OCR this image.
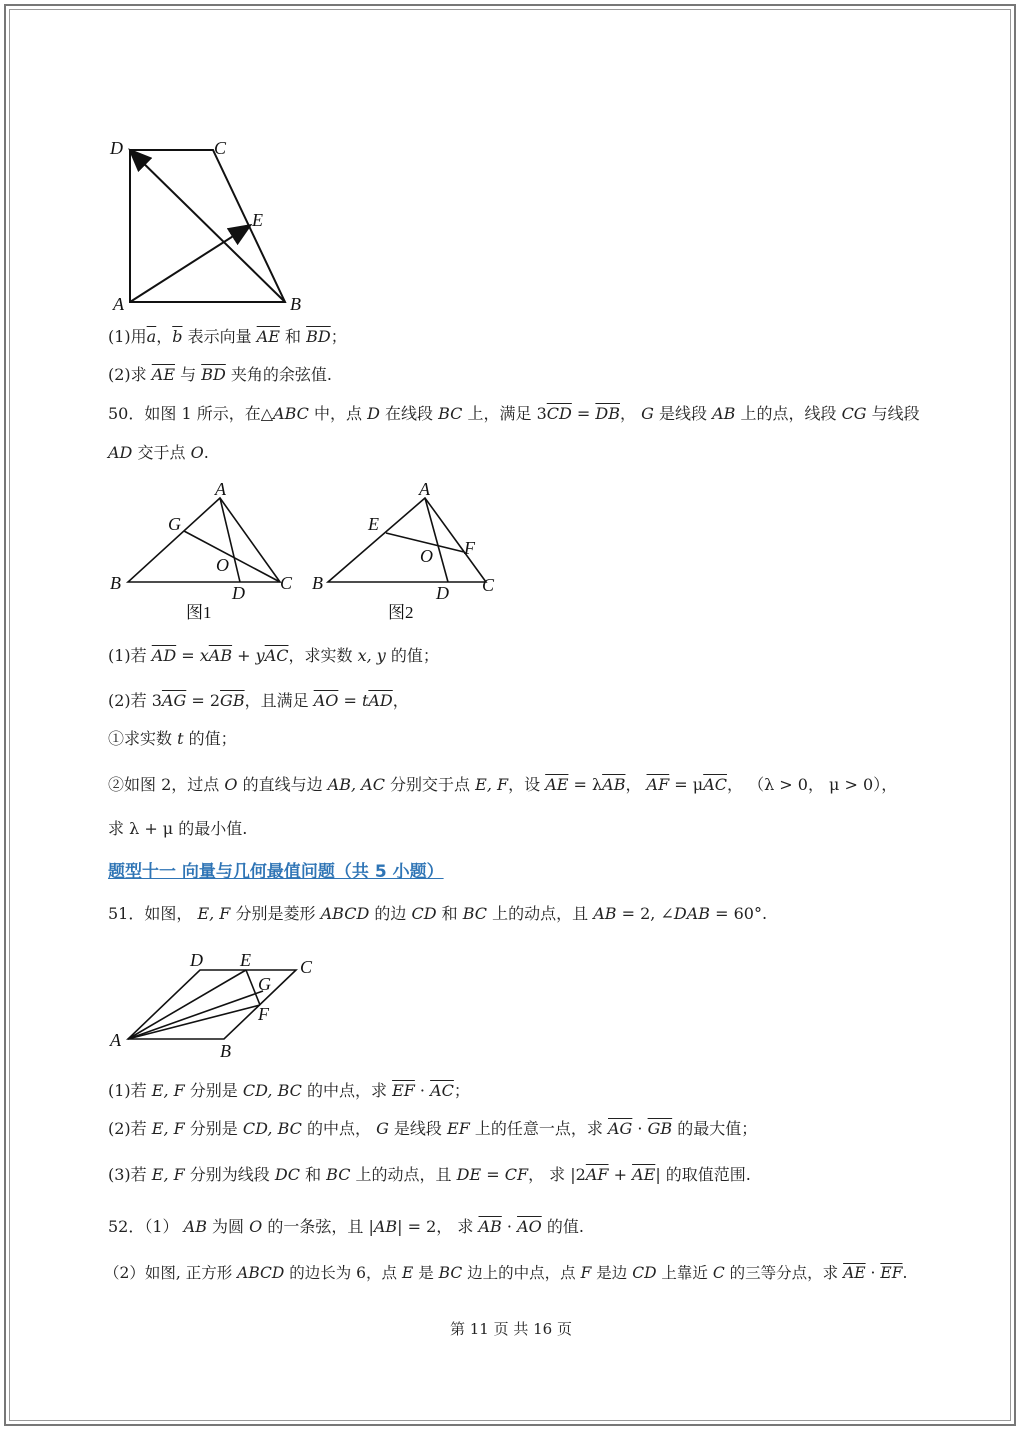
D	C
E
A	B
(1)用$\overline{a}$，$\overline{b}$ 表示向量 $\overline{AE}$ 和 $\overline{BD}$；
(2)求 $\overline{AE}$ 与 $\overline{BD}$ 夹角的余弦值.
50．如图 1 所示，在△ABC 中，点 D 在线段 BC 上，满足 $3\overline{CD} = \overline{DB}$， G 是线段 AB 上的点，线段 CG 与线段
AD 交于点 O.
A
G
O
B	C
D
图1
A
E
F
O
B	C
D
图2
(1)若 $\overline{AD} = x\overline{AB} + y\overline{AC}$，求实数 x, y 的值；
(2)若 $3\overline{AG} = 2\overline{GB}$，且满足 $\overline{AO} = t\overline{AD}$，
①求实数 t 的值；
②如图 2，过点 O 的直线与边 AB, AC 分别交于点 E, F，设 $\overline{AE} = \lambda\overline{AB}$， $\overline{AF} = \mu\overline{AC}$， （λ > 0， μ > 0），
求 λ + μ 的最小值.
题型十一 向量与几何最值问题（共 5 小题）
51．如图， E, F 分别是菱形 ABCD 的边 CD 和 BC 上的动点，且 AB = 2, ∠DAB = 60°.
D E	C
G
F
A
B
(1)若 E, F 分别是 CD, BC 的中点，求 $\overline{EF} \cdot \overline{AC}$；
(2)若 E, F 分别是 CD, BC 的中点， G 是线段 EF 上的任意一点，求 $\overline{AG} \cdot \overline{GB}$ 的最大值；
(3)若 E, F 分别为线段 DC 和 BC 上的动点，且 DE = CF， 求 $|2\overline{AF} + \overline{AE}|$ 的取值范围.
52．（1） AB 为圆 O 的一条弦，且 |AB| = 2， 求 $\overline{AB} \cdot \overline{AO}$ 的值.
（2）如图, 正方形 ABCD 的边长为 6，点 E 是 BC 边上的中点，点 F 是边 CD 上靠近 C 的三等分点，求 $\overline{AE} \cdot \overline{EF}$.
第 11 页 共 16 页
